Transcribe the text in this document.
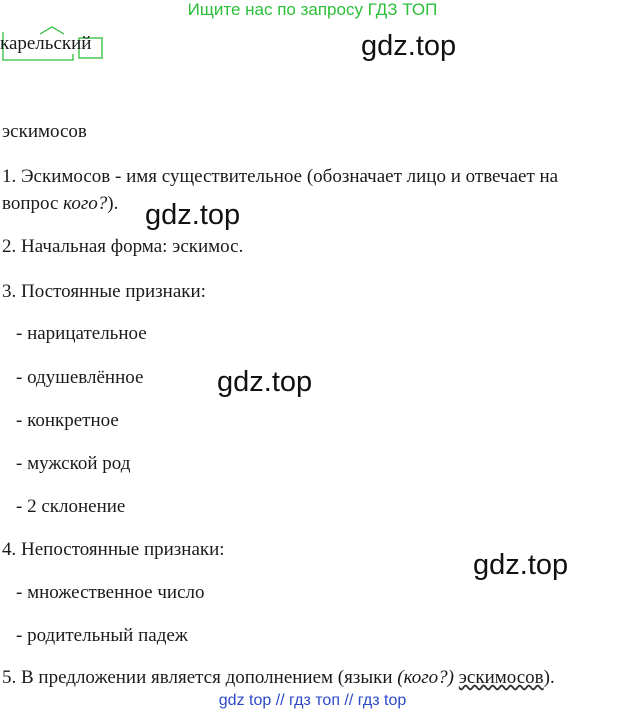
Ищите нас по запросу ГДЗ ТОП
карельский	gdz.top
эскимосов
1. Эскимосов - имя существительное (обозначает лицо и отвечает на
вопрос кого?). gdz.top
2. Начальная форма: эскимос.
3. Постоянные признаки:
- нарицательное
- одушевлённое
- конкретное
- мужской род
- 2 склонение
gdz.top
4. Непостоянные признаки:	gdz.top
- множественное число
- родительный падеж
5. В предложении является дополнением (языки (кого?) эскимосов).
gdz top // гдз топ // гдз top
